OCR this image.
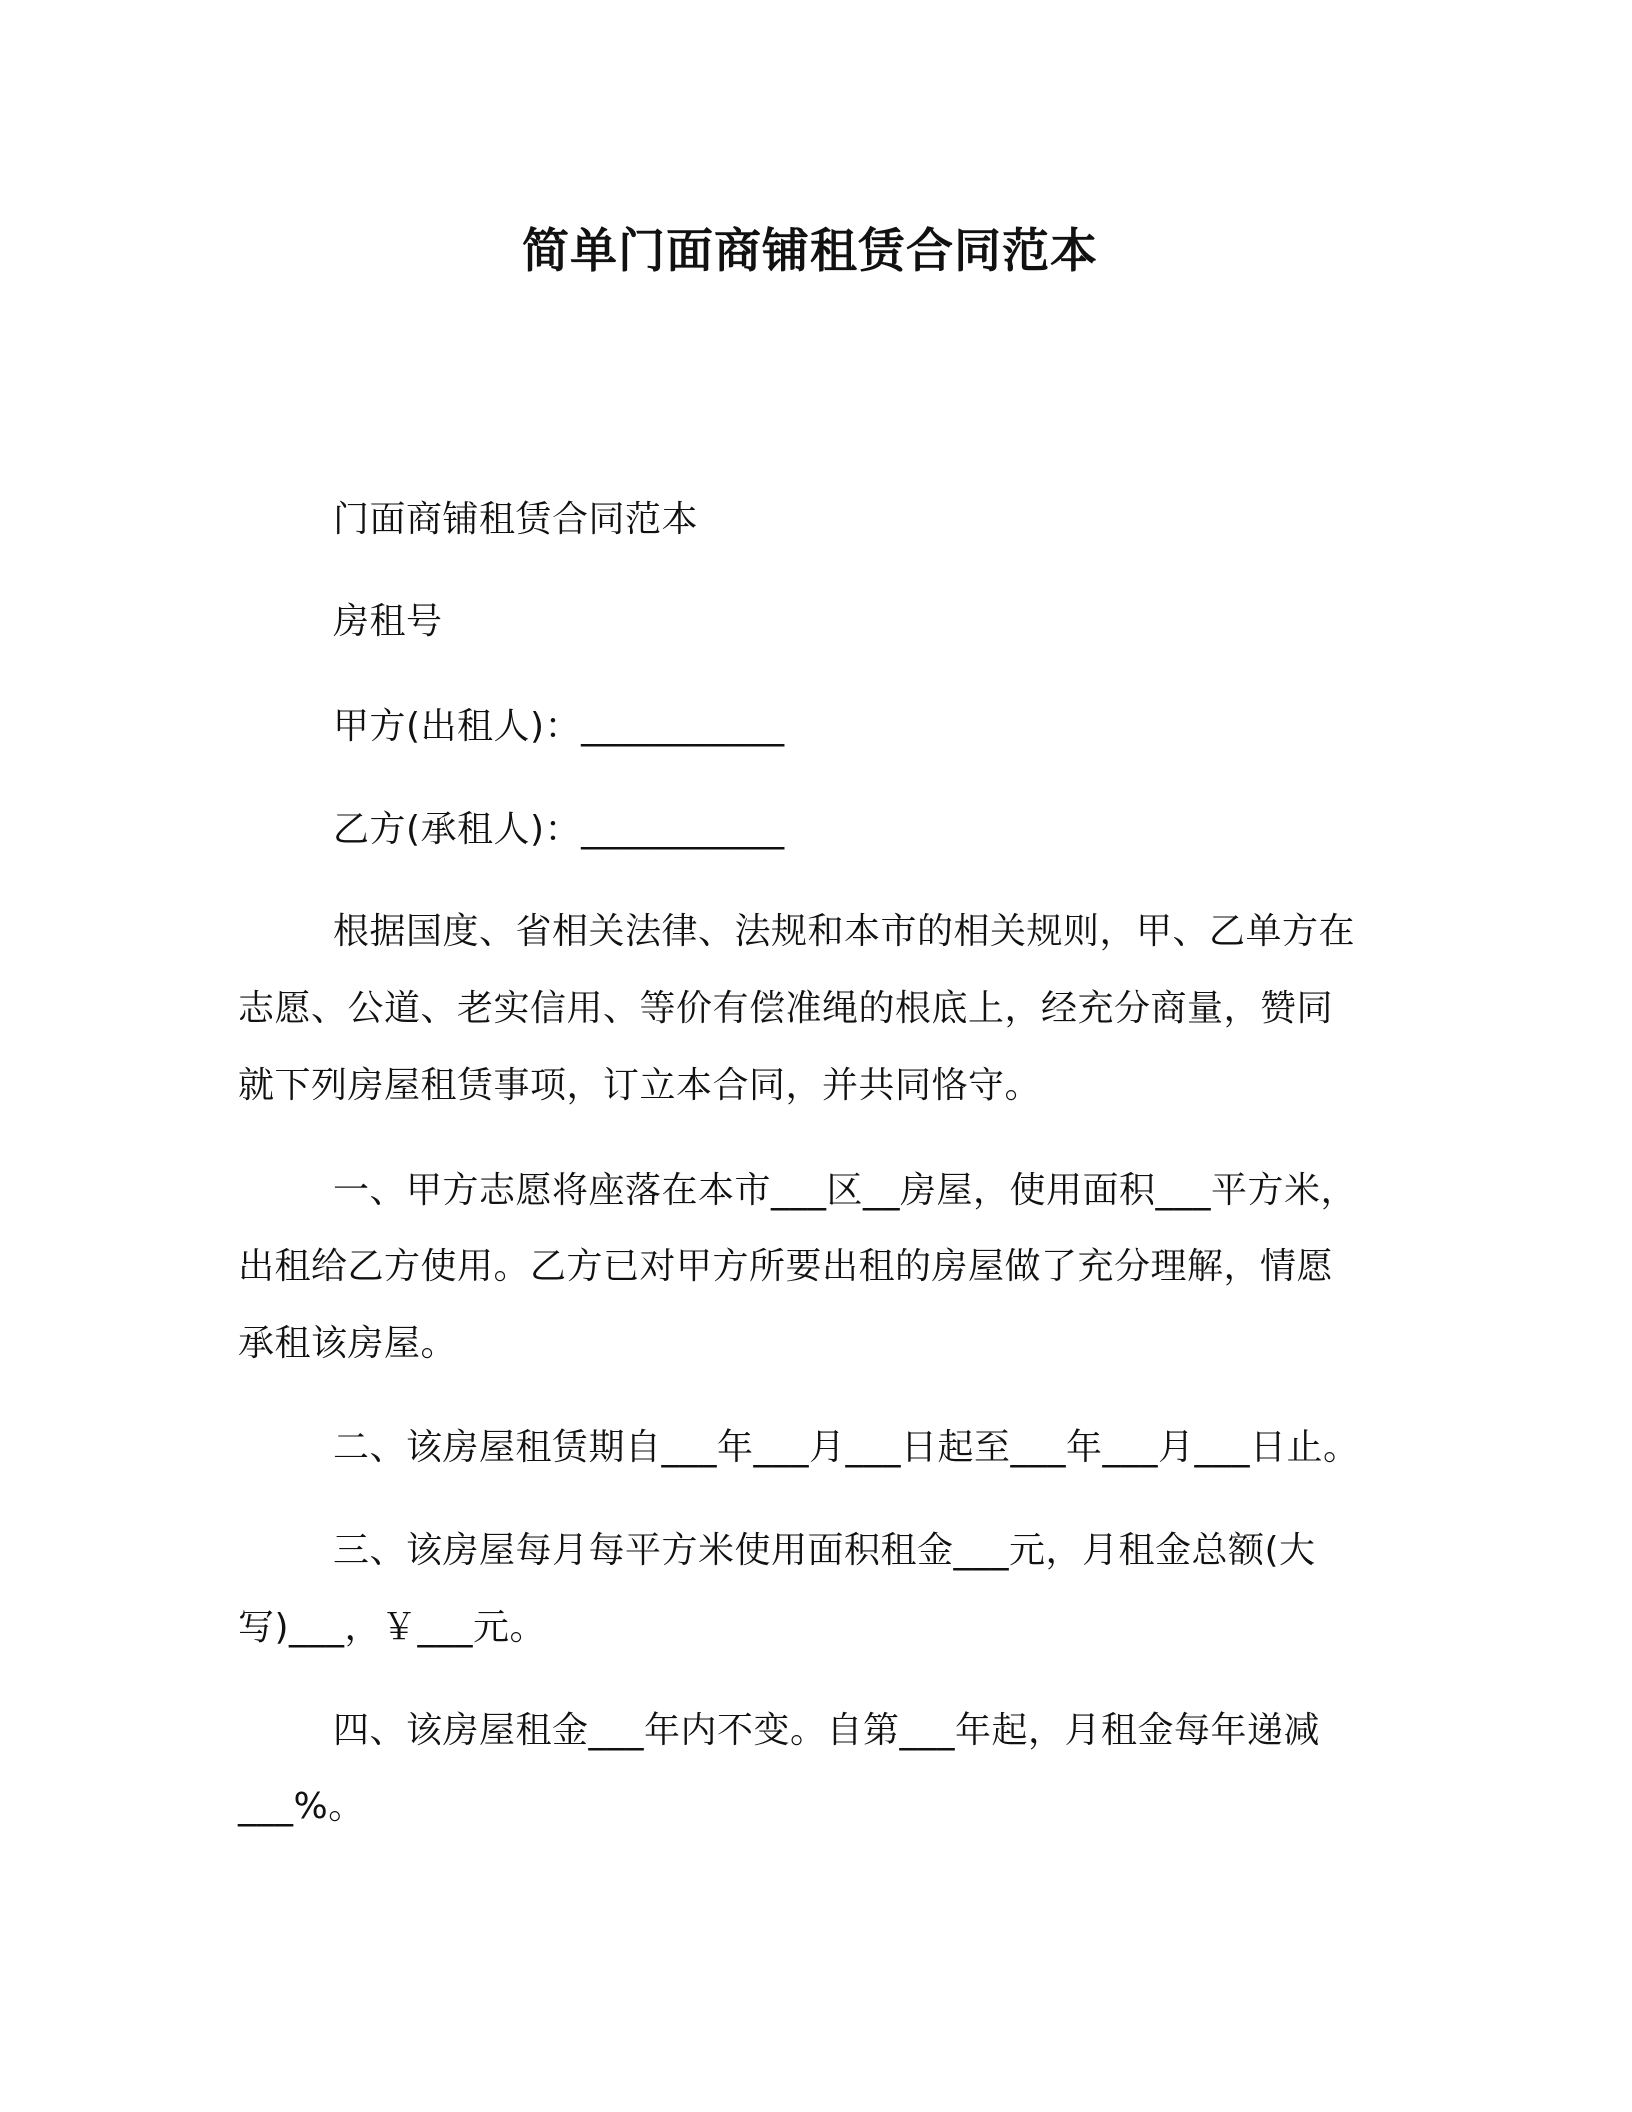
简单门面商铺租赁合同范本
门面商铺租赁合同范本
房租号
甲方(出租人)：___________
乙方(承租人)：___________
根据国度、省相关法律、法规和本市的相关规则，甲、乙单方在
志愿、公道、老实信用、等价有偿准绳的根底上，经充分商量，赞同
就下列房屋租赁事项，订立本合同，并共同恪守。
一、甲方志愿将座落在本市___区__房屋，使用面积___平方米，
出租给乙方使用。乙方已对甲方所要出租的房屋做了充分理解，情愿
承租该房屋。
二、该房屋租赁期自___年___月___日起至___年___月___日止。
三、该房屋每月每平方米使用面积租金___元，月租金总额(大
写)___，￥___元。
四、该房屋租金___年内不变。自第___年起，月租金每年递减
___%。
